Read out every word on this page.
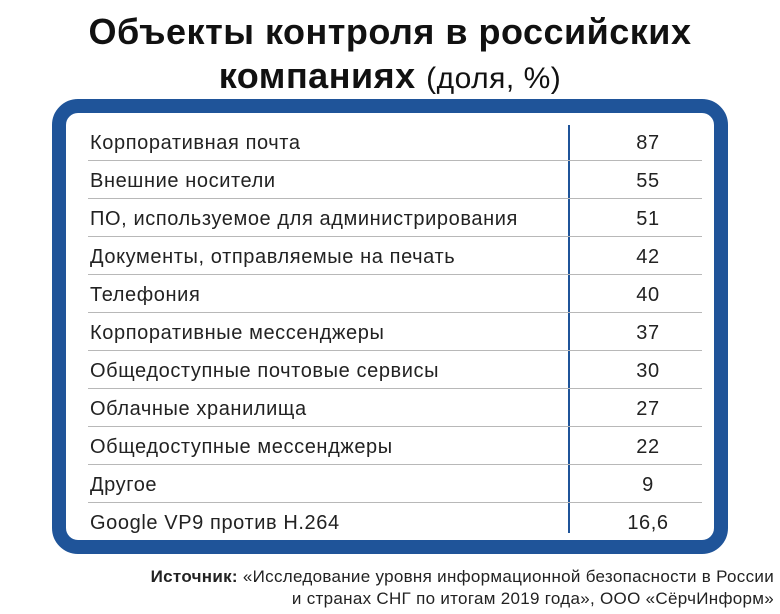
Объекты контроля в российских
компаниях (доля, %)
Корпоративная почта	87
Внешние носители	55
ПО, используемое для администрирования	51
Документы, отправляемые на печать	42
Телефония	40
Корпоративные мессенджеры	37
Общедоступные почтовые сервисы	30
Облачные хранилища	27
Общедоступные мессенджеры	22
Другое	9
Google VP9 против H.264	16,6
Источник: «Исследование уровня информационной безопасности в России
и странах СНГ по итогам 2019 года», ООО «СёрчИнформ»
